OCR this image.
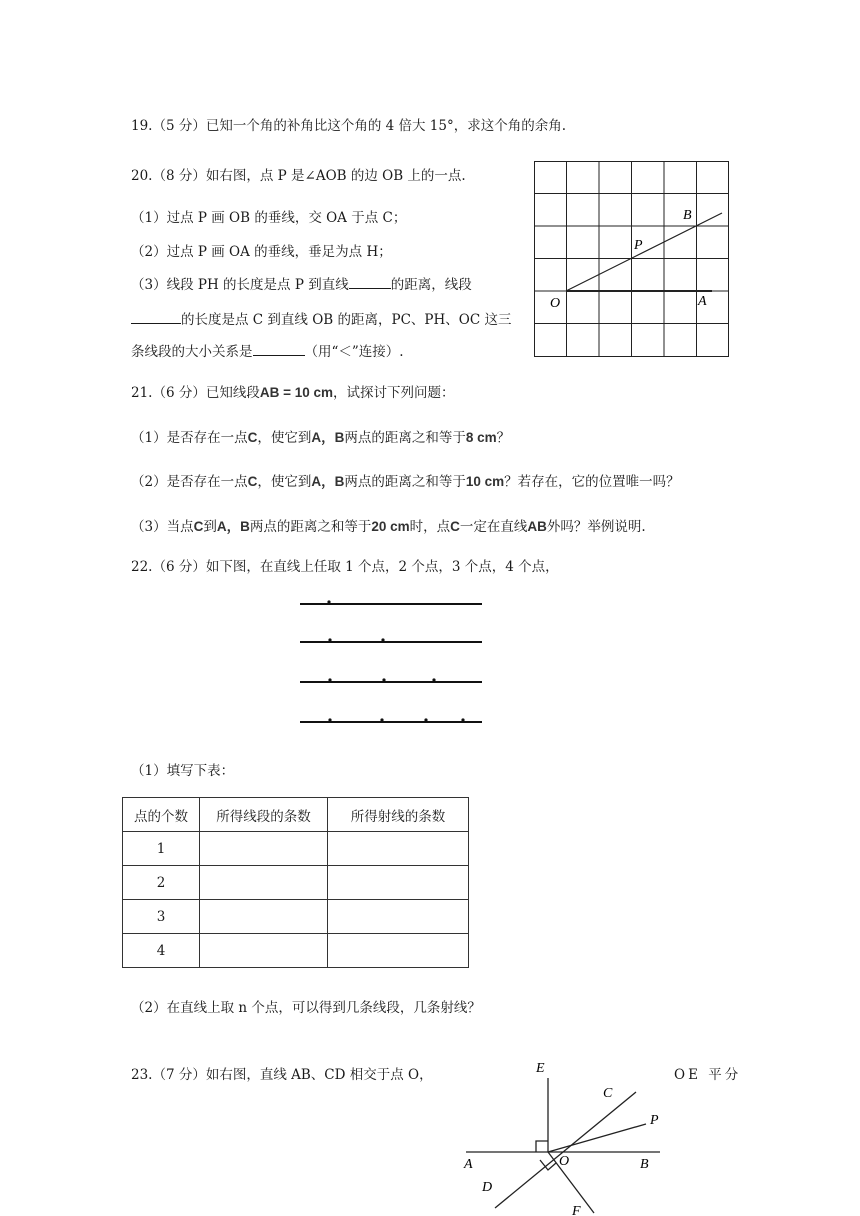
19.（5 分）已知一个角的补角比这个角的 4 倍大 15°，求这个角的余角.
20.（8 分）如右图，点 P 是∠AOB 的边 OB 上的一点.
（1）过点 P 画 OB 的垂线，交 OA 于点 C；
（2）过点 P 画 OA 的垂线，垂足为点 H；
（3）线段 PH 的长度是点 P 到直线	的距离，线段
的长度是点 C 到直线 OB 的距离，PC、PH、OC 这三
条线段的大小关系是	（用“＜”连接）.
O	A
B
P
21.（6 分）已知线段AB = 10 cm，试探讨下列问题：
（1）是否存在一点C，使它到A，B两点的距离之和等于8 cm？
（2）是否存在一点C，使它到A，B两点的距离之和等于10 cm？若存在，它的位置唯一吗？
（3）当点C到A，B两点的距离之和等于20 cm时，点C一定在直线AB外吗？举例说明.
22.（6 分）如下图，在直线上任取 1 个点，2 个点，3 个点，4 个点，
（1）填写下表：
点的个数	所得线段的条数	所得射线的条数
1		
2		
3		
4		
（2）在直线上取 n 个点，可以得到几条线段，几条射线？
23.（7 分）如右图，直线 AB、CD 相交于点 O，	OE 平分
E
C
P
A	O	B
D
F
